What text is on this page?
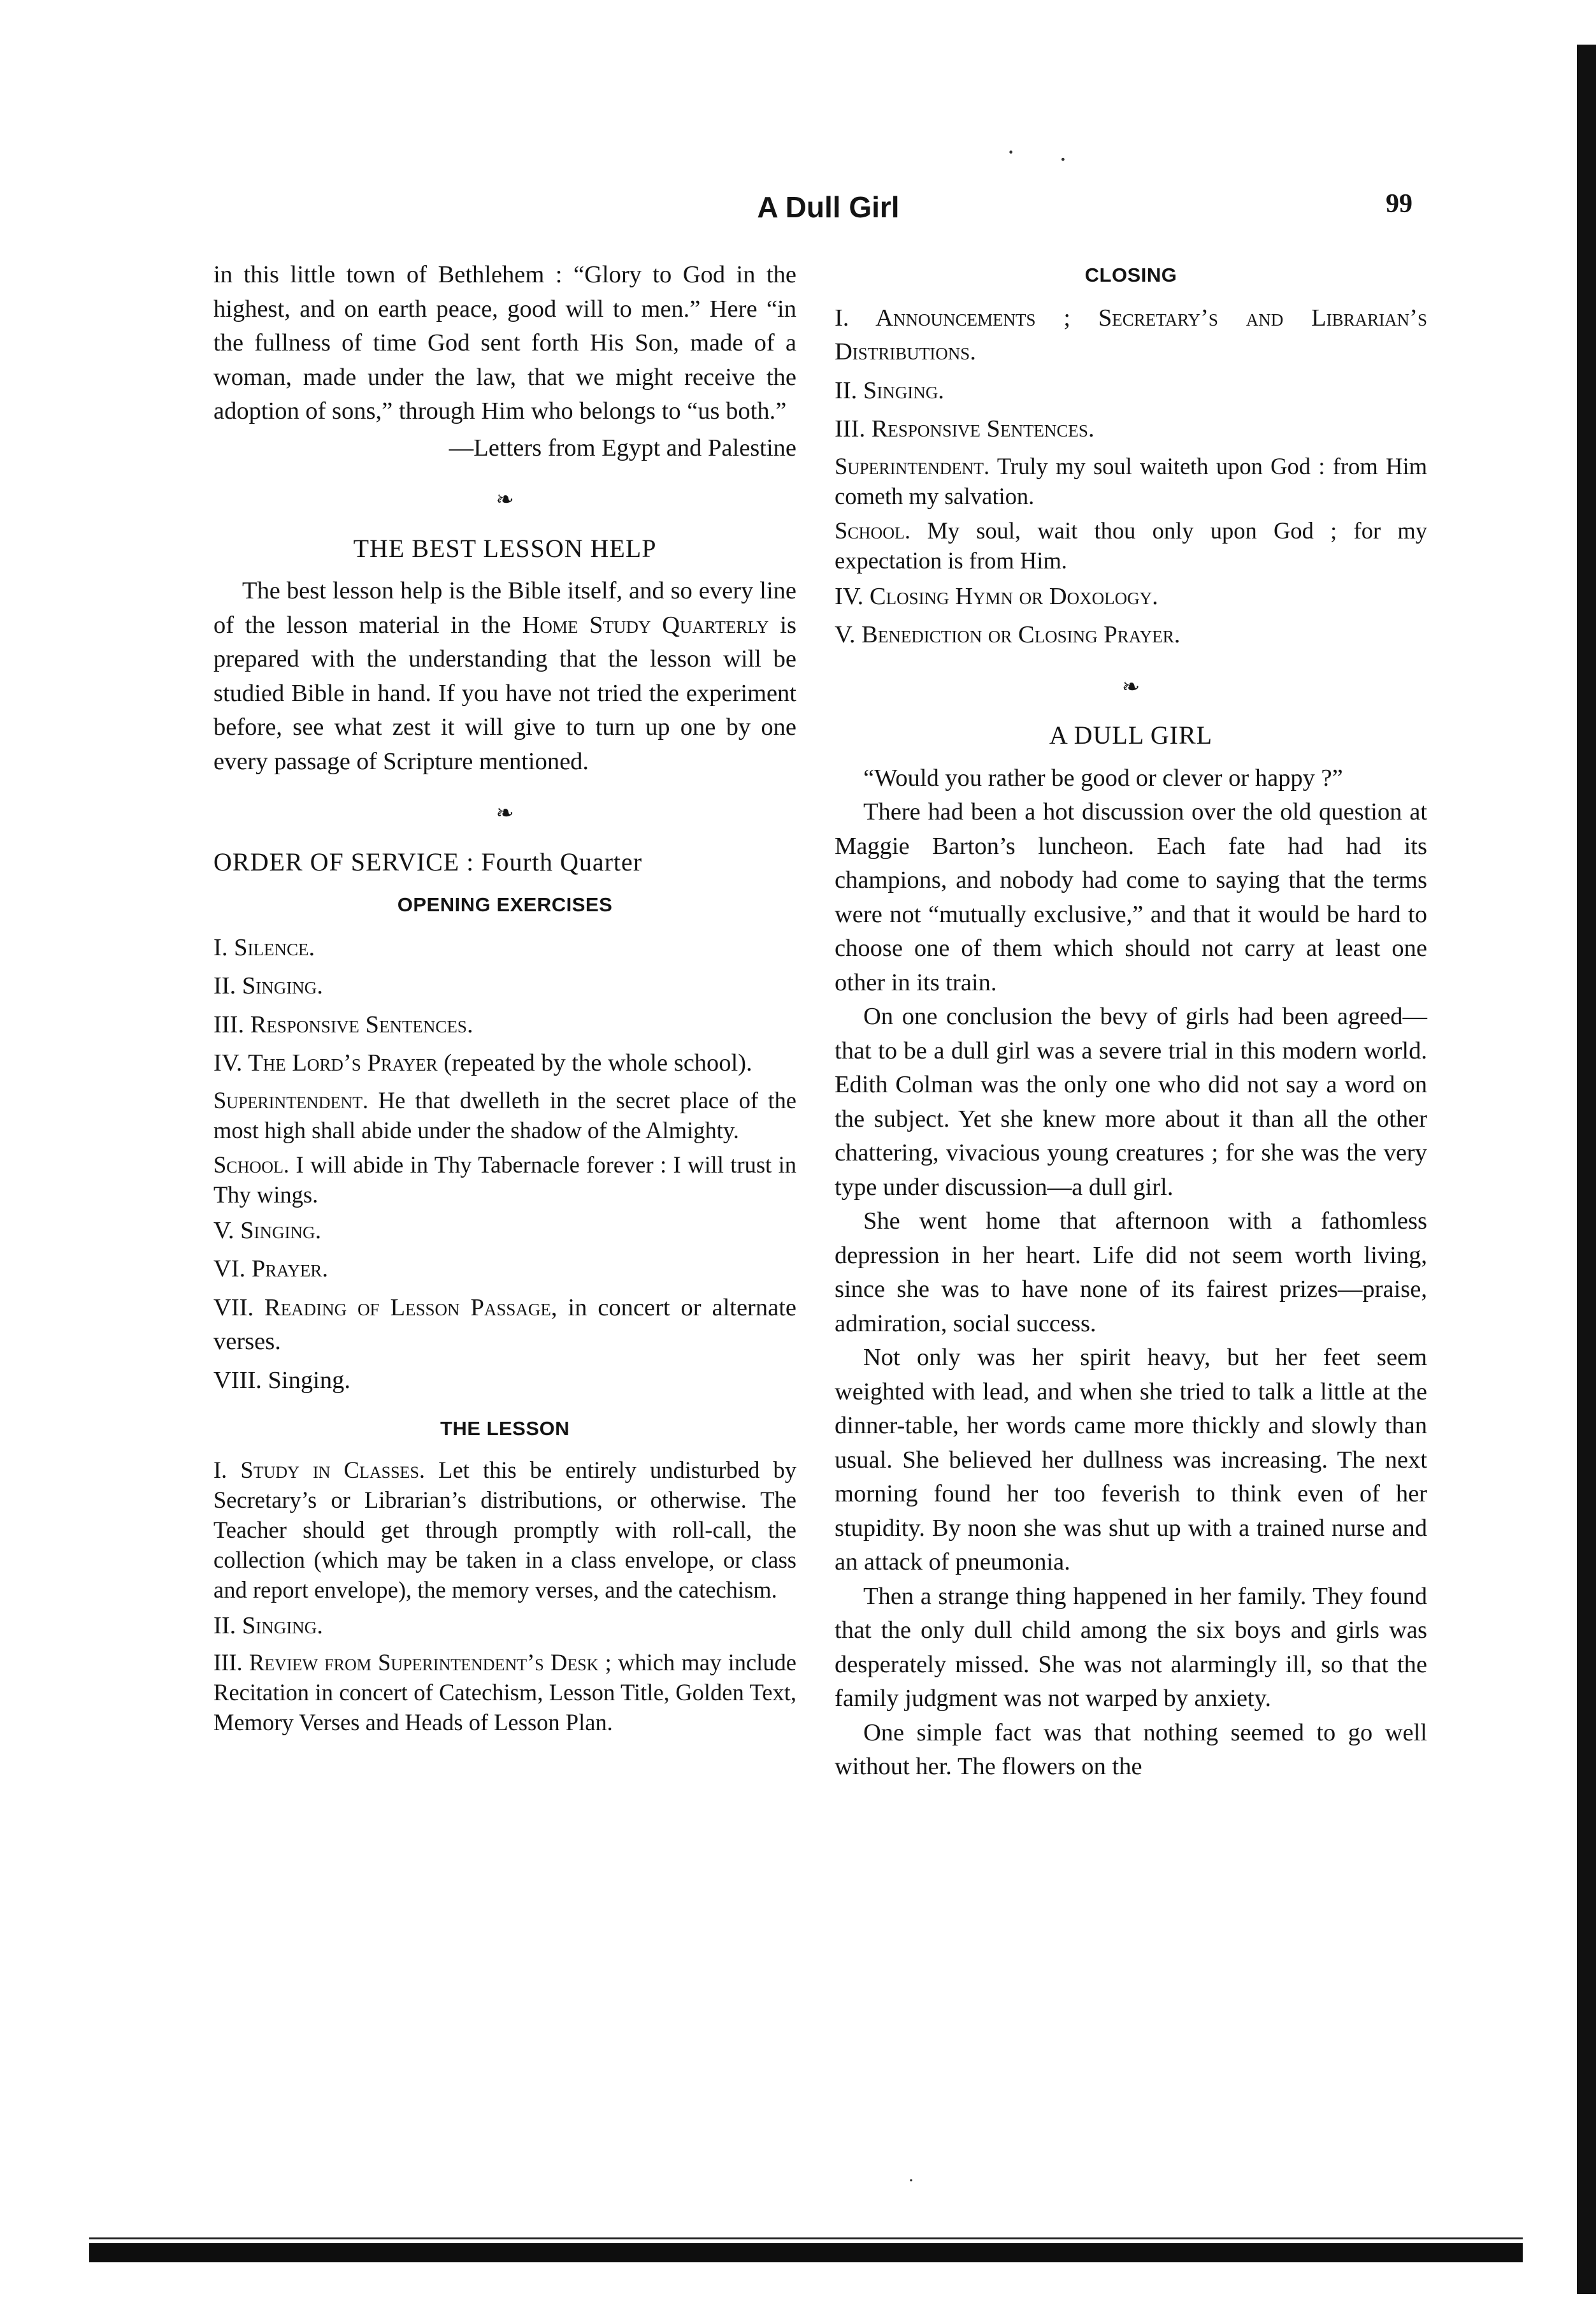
· .
A Dull Girl	99

in this little town of Bethlehem : “Glory to God in the highest, and on earth peace, good will to men.” Here “in the fullness of time God sent forth His Son, made of a woman, made under the law, that we might receive the adoption of sons,” through Him who belongs to “us both.”

—Letters from Egypt and Palestine

❧
THE BEST LESSON HELP

The best lesson help is the Bible itself, and so every line of the lesson material in the Home Study Quarterly is prepared with the understanding that the lesson will be studied Bible in hand. If you have not tried the experiment before, see what zest it will give to turn up one by one every passage of Scripture mentioned.

❧
ORDER OF SERVICE : Fourth Quarter
OPENING EXERCISES

I. Silence.

II. Singing.

III. Responsive Sentences.

IV. The Lord’s Prayer (repeated by the whole school).

Superintendent. He that dwelleth in the secret place of the most high shall abide under the shadow of the Almighty.

School. I will abide in Thy Tabernacle forever : I will trust in Thy wings.

V. Singing.

VI. Prayer.

VII. Reading of Lesson Passage, in concert or alternate verses.

VIII. Singing.

THE LESSON

I. Study in Classes. Let this be entirely undisturbed by Secretary’s or Librarian’s distributions, or otherwise. The Teacher should get through promptly with roll-call, the collection (which may be taken in a class envelope, or class and report envelope), the memory verses, and the catechism.

II. Singing.

III. Review from Superintendent’s Desk ; which may include Recitation in concert of Catechism, Lesson Title, Golden Text, Memory Verses and Heads of Lesson Plan.

CLOSING

I. Announcements ; Secretary’s and Librarian’s Distributions.

II. Singing.

III. Responsive Sentences.

Superintendent. Truly my soul waiteth upon God : from Him cometh my salvation.

School. My soul, wait thou only upon God ; for my expectation is from Him.

IV. Closing Hymn or Doxology.

V. Benediction or Closing Prayer.

❧
A DULL GIRL

“Would you rather be good or clever or happy ?”

There had been a hot discussion over the old question at Maggie Barton’s luncheon. Each fate had had its champions, and nobody had come to saying that the terms were not “mutually exclusive,” and that it would be hard to choose one of them which should not carry at least one other in its train.

On one conclusion the bevy of girls had been agreed—that to be a dull girl was a severe trial in this modern world. Edith Colman was the only one who did not say a word on the subject. Yet she knew more about it than all the other chattering, vivacious young creatures ; for she was the very type under discussion—a dull girl.

She went home that afternoon with a fathomless depression in her heart. Life did not seem worth living, since she was to have none of its fairest prizes—praise, admiration, social success.

Not only was her spirit heavy, but her feet seem weighted with lead, and when she tried to talk a little at the dinner-table, her words came more thickly and slowly than usual. She believed her dullness was increasing. The next morning found her too feverish to think even of her stupidity. By noon she was shut up with a trained nurse and an attack of pneumonia.

Then a strange thing happened in her family. They found that the only dull child among the six boys and girls was desperately missed. She was not alarmingly ill, so that the family judgment was not warped by anxiety.

One simple fact was that nothing seemed to go well without her. The flowers on the

·
